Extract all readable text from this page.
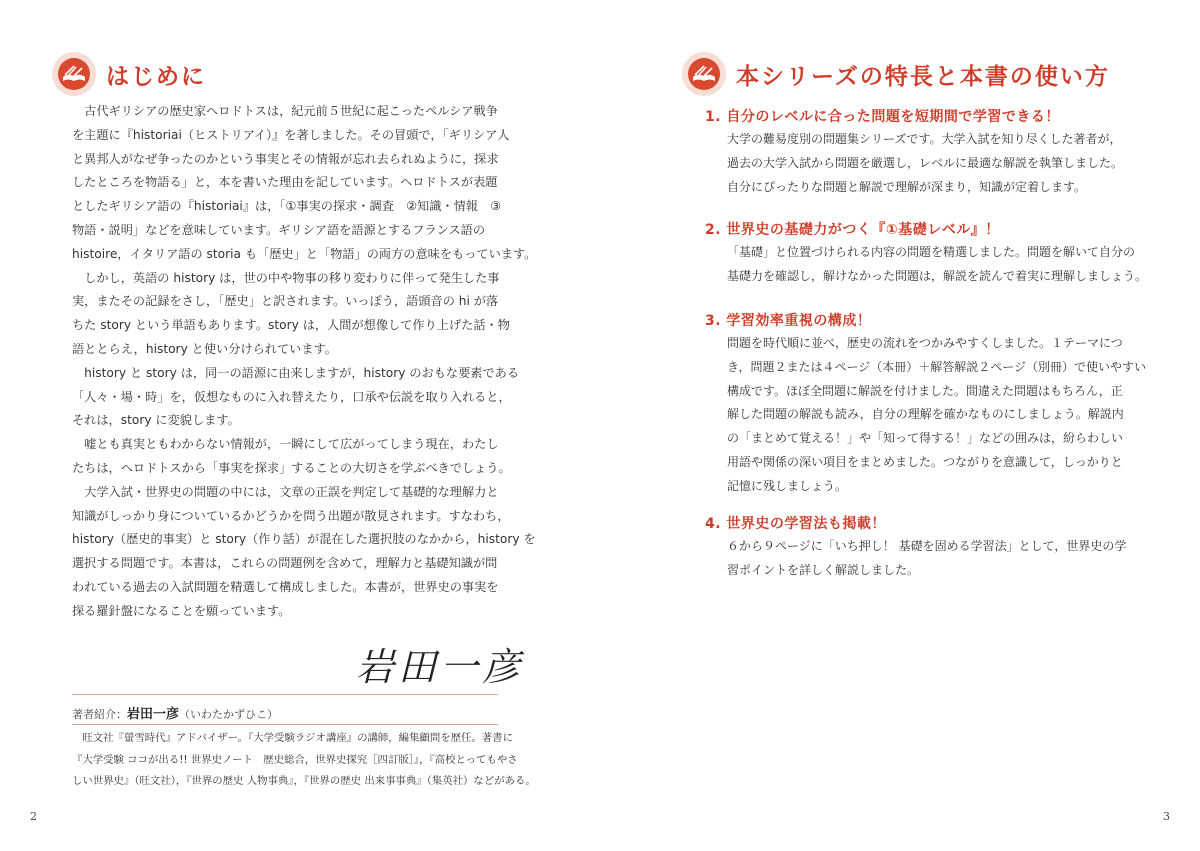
はじめに
　古代ギリシアの歴史家ヘロドトスは，紀元前５世紀に起こったペルシア戦争
を主題に『historiai（ヒストリアイ）』を著しました。その冒頭で，「ギリシア人
と異邦人がなぜ争ったのかという事実とその情報が忘れ去られぬように，探求
したところを物語る」と，本を書いた理由を記しています。ヘロドトスが表題
としたギリシア語の『historiai』は，「①事実の探求・調査　②知識・情報　③
物語・説明」などを意味しています。ギリシア語を語源とするフランス語の
histoire，イタリア語の storia も「歴史」と「物語」の両方の意味をもっています。
　しかし，英語の history は，世の中や物事の移り変わりに伴って発生した事
実，またその記録をさし，「歴史」と訳されます。いっぽう，語頭音の hi が落
ちた story という単語もあります。story は，人間が想像して作り上げた話・物
語ととらえ，history と使い分けられています。
　history と story は，同一の語源に由来しますが，history のおもな要素である
「人々・場・時」を，仮想なものに入れ替えたり，口承や伝説を取り入れると，
それは，story に変貌します。
　嘘とも真実ともわからない情報が，一瞬にして広がってしまう現在，わたし
たちは，ヘロドトスから「事実を探求」することの大切さを学ぶべきでしょう。
　大学入試・世界史の問題の中には，文章の正誤を判定して基礎的な理解力と
知識がしっかり身についているかどうかを問う出題が散見されます。すなわち，
history（歴史的事実）と story（作り話）が混在した選択肢のなかから，history を
選択する問題です。本書は，これらの問題例を含めて，理解力と基礎知識が問
われている過去の入試問題を精選して構成しました。本書が，世界史の事実を
探る羅針盤になることを願っています。
岩田一彦
著者紹介：岩田一彦（いわたかずひこ）
　旺文社『螢雪時代』アドバイザー。『大学受験ラジオ講座』の講師，編集顧問を歴任。著書に
『大学受験 ココが出る!! 世界史ノート　歴史総合，世界史探究［四訂版］』，『高校とってもやさ
しい世界史』（旺文社），『世界の歴史 人物事典』，『世界の歴史 出来事事典』（集英社）などがある。
2
本シリーズの特長と本書の使い方
1. 自分のレベルに合った問題を短期間で学習できる！
大学の難易度別の問題集シリーズです。大学入試を知り尽くした著者が，
過去の大学入試から問題を厳選し，レベルに最適な解説を執筆しました。
自分にぴったりな問題と解説で理解が深まり，知識が定着します。
2. 世界史の基礎力がつく『①基礎レベル』！
「基礎」と位置づけられる内容の問題を精選しました。問題を解いて自分の
基礎力を確認し，解けなかった問題は，解説を読んで着実に理解しましょう。
3. 学習効率重視の構成！
問題を時代順に並べ，歴史の流れをつかみやすくしました。１テーマにつ
き，問題２または４ページ（本冊）＋解答解説２ページ（別冊）で使いやすい
構成です。ほぼ全問題に解説を付けました。間違えた問題はもちろん，正
解した問題の解説も読み，自分の理解を確かなものにしましょう。解説内
の「まとめて覚える！」や「知って得する！」などの囲みは，紛らわしい
用語や関係の深い項目をまとめました。つながりを意識して，しっかりと
記憶に残しましょう。
4. 世界史の学習法も掲載！
６から９ページに「いち押し！ 基礎を固める学習法」として，世界史の学
習ポイントを詳しく解説しました。
3
